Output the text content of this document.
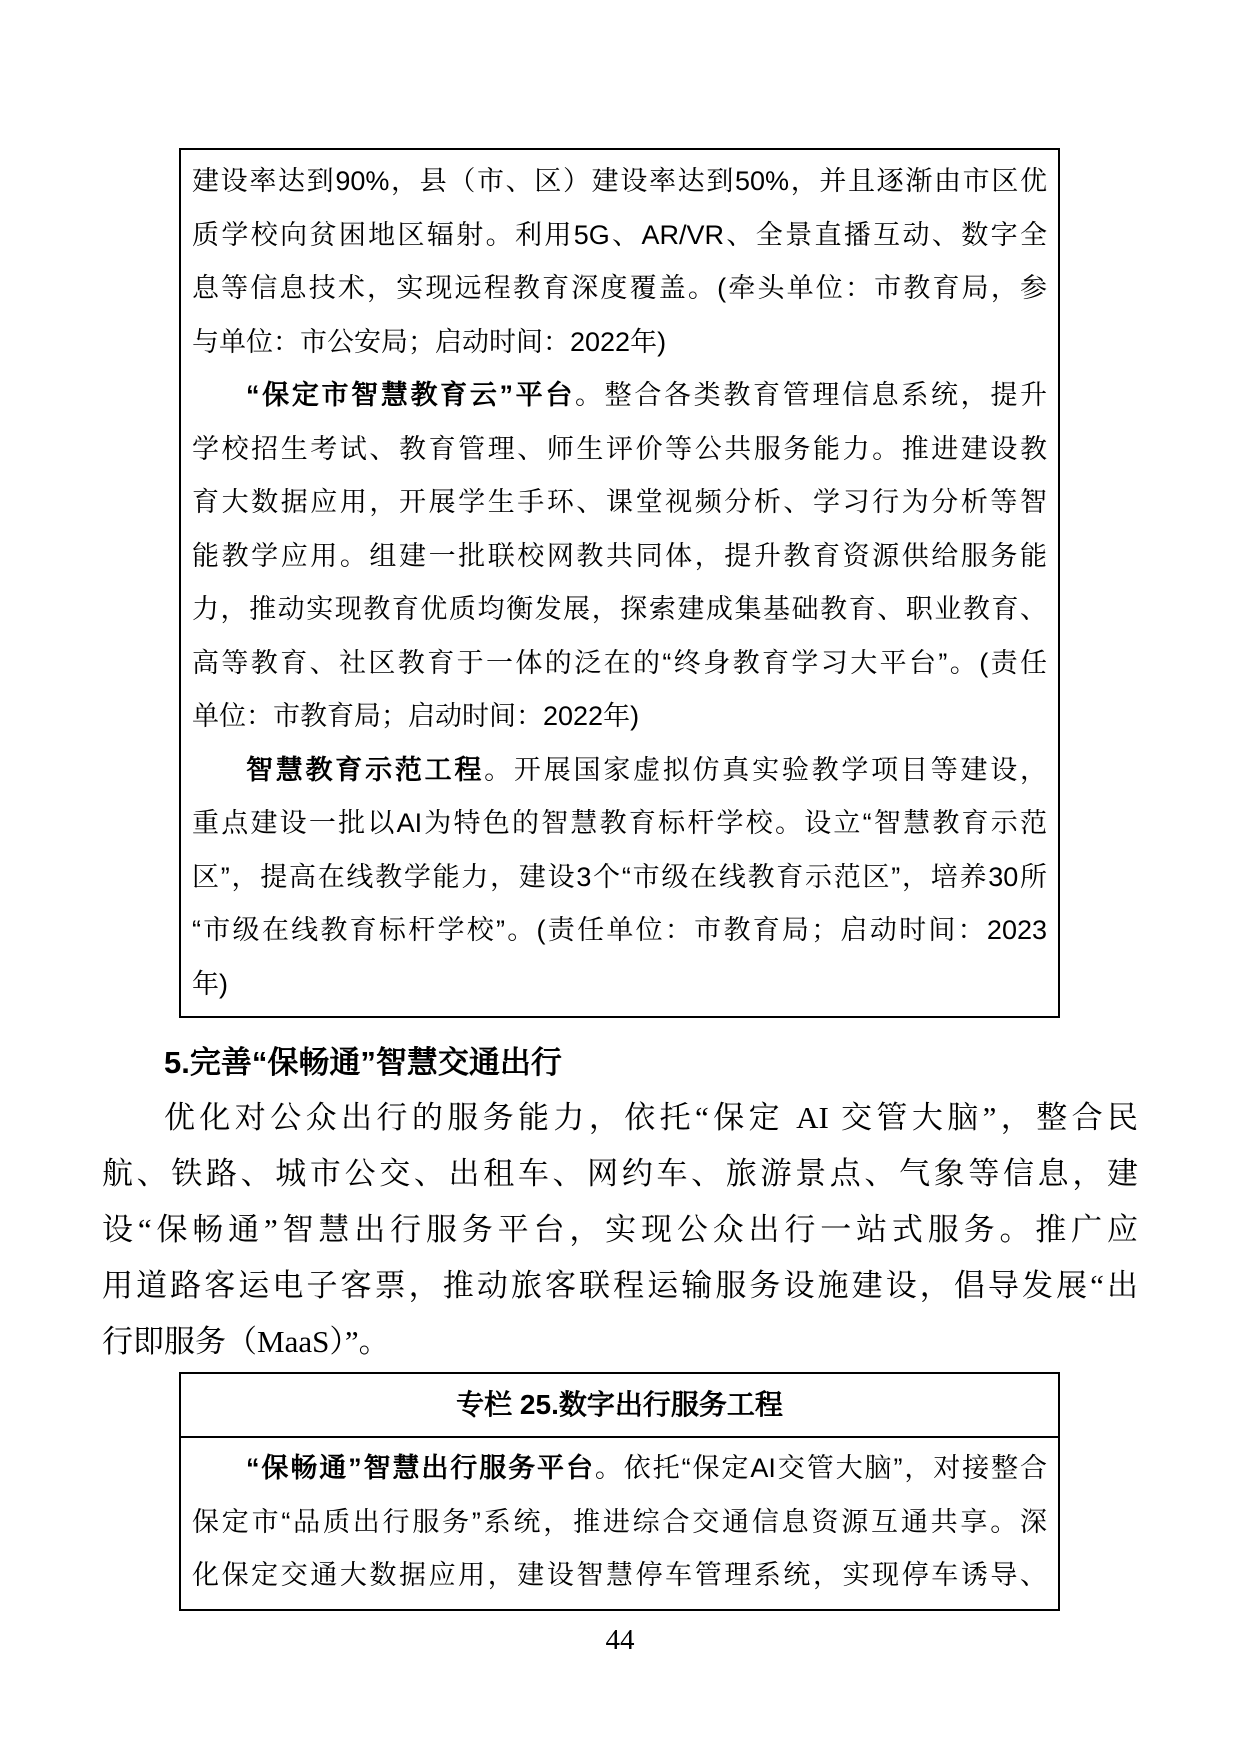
建设率达到90%，县（市、区）建设率达到50%，并且逐渐由市区优
质学校向贫困地区辐射。利用5G、AR/VR、全景直播互动、数字全
息等信息技术，实现远程教育深度覆盖。(牵头单位：市教育局，参
与单位：市公安局；启动时间：2022年)
“保定市智慧教育云”平台。整合各类教育管理信息系统，提升
学校招生考试、教育管理、师生评价等公共服务能力。推进建设教
育大数据应用，开展学生手环、课堂视频分析、学习行为分析等智
能教学应用。组建一批联校网教共同体，提升教育资源供给服务能
力，推动实现教育优质均衡发展，探索建成集基础教育、职业教育、
高等教育、社区教育于一体的泛在的“终身教育学习大平台”。(责任
单位：市教育局；启动时间：2022年)
智慧教育示范工程。开展国家虚拟仿真实验教学项目等建设，
重点建设一批以AI为特色的智慧教育标杆学校。设立“智慧教育示范
区”，提高在线教学能力，建设3个“市级在线教育示范区”，培养30所
“市级在线教育标杆学校”。(责任单位：市教育局；启动时间：2023
年)
5.完善“保畅通”智慧交通出行
优化对公众出行的服务能力，依托“保定 AI 交管大脑”，整合民
航、铁路、城市公交、出租车、网约车、旅游景点、气象等信息，建
设“保畅通”智慧出行服务平台，实现公众出行一站式服务。推广应
用道路客运电子客票，推动旅客联程运输服务设施建设，倡导发展“出
行即服务（MaaS）”。
专栏 25.数字出行服务工程
“保畅通”智慧出行服务平台。依托“保定AI交管大脑”，对接整合
保定市“品质出行服务”系统，推进综合交通信息资源互通共享。深
化保定交通大数据应用，建设智慧停车管理系统，实现停车诱导、
44
